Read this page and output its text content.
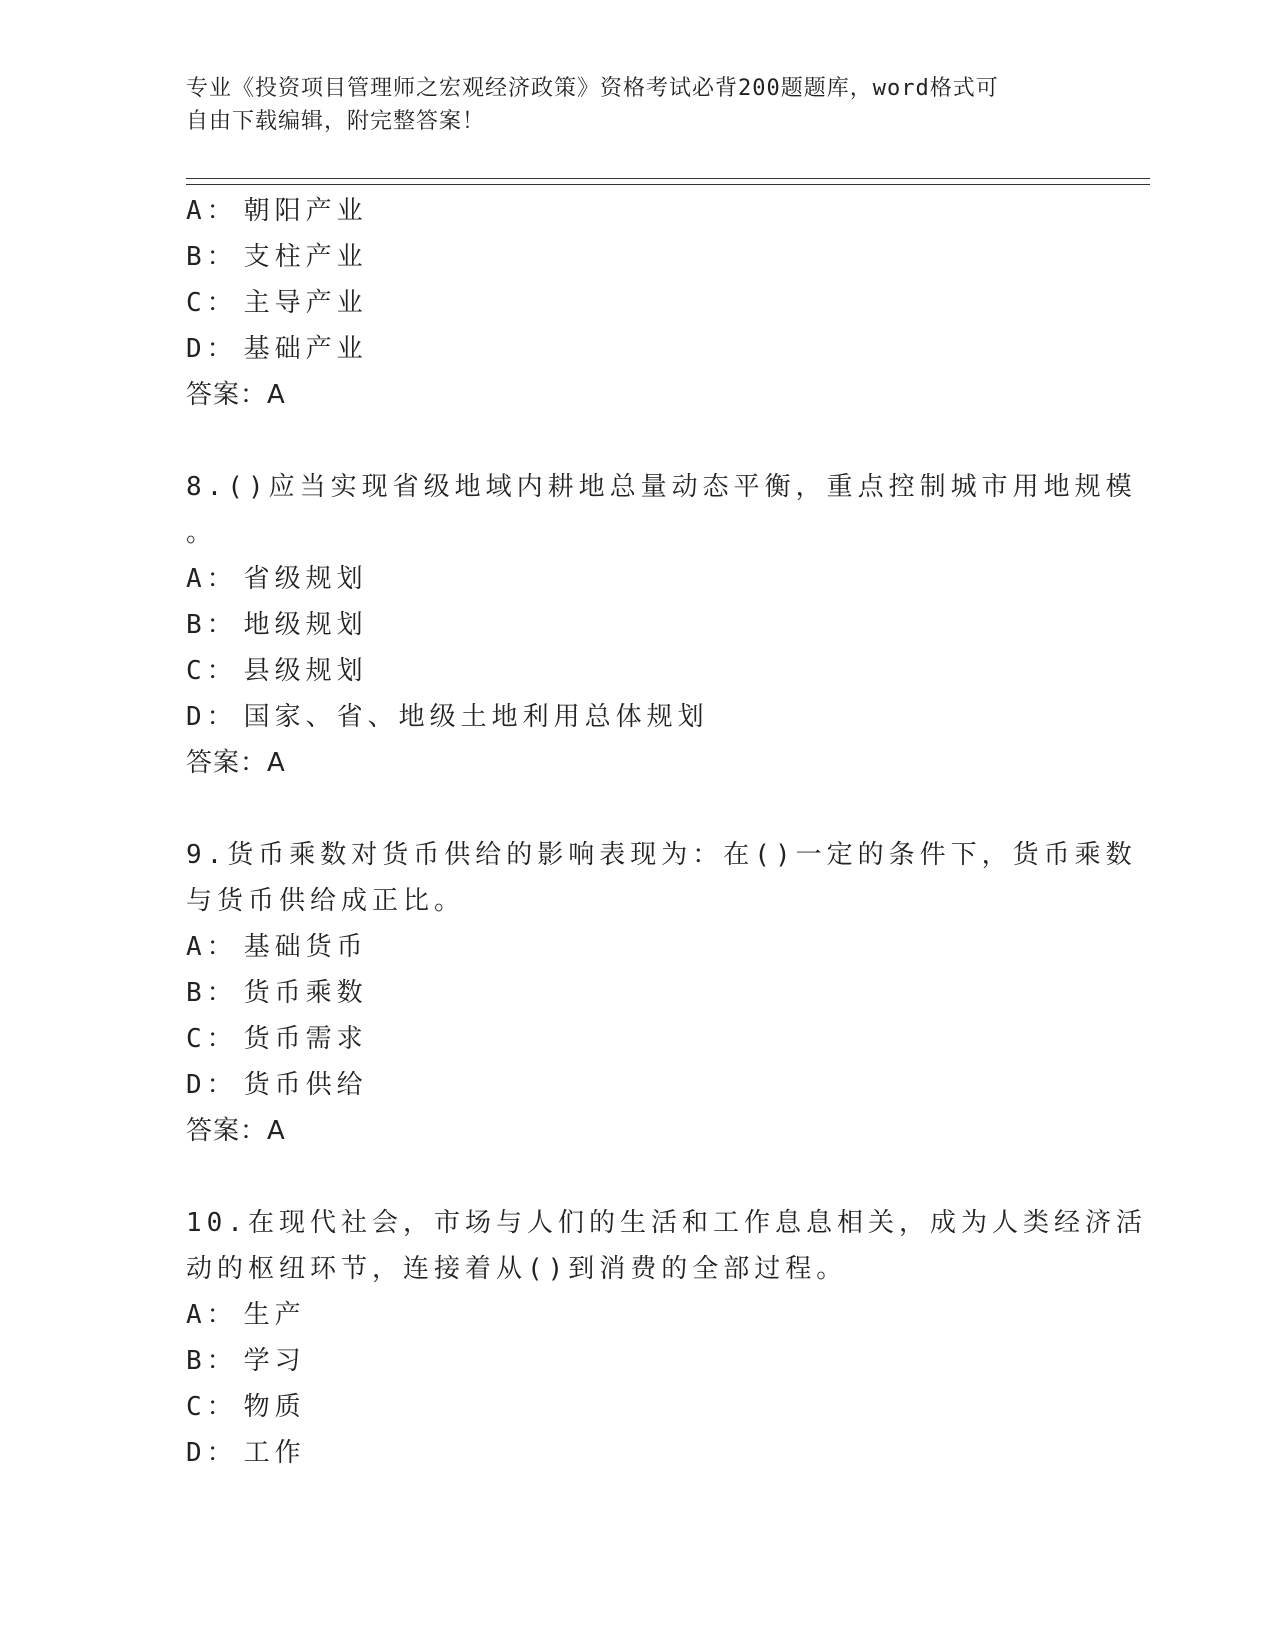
专业《投资项目管理师之宏观经济政策》资格考试必背200题题库，word格式可
自由下载编辑，附完整答案！
A： 朝阳产业
B： 支柱产业
C： 主导产业
D： 基础产业
答案：A
8.()应当实现省级地域内耕地总量动态平衡，重点控制城市用地规模
。
A： 省级规划
B： 地级规划
C： 县级规划
D： 国家、省、地级土地利用总体规划
答案：A
9.货币乘数对货币供给的影响表现为：在()一定的条件下，货币乘数
与货币供给成正比。
A： 基础货币
B： 货币乘数
C： 货币需求
D： 货币供给
答案：A
10.在现代社会，市场与人们的生活和工作息息相关，成为人类经济活
动的枢纽环节，连接着从()到消费的全部过程。
A： 生产
B： 学习
C： 物质
D： 工作
